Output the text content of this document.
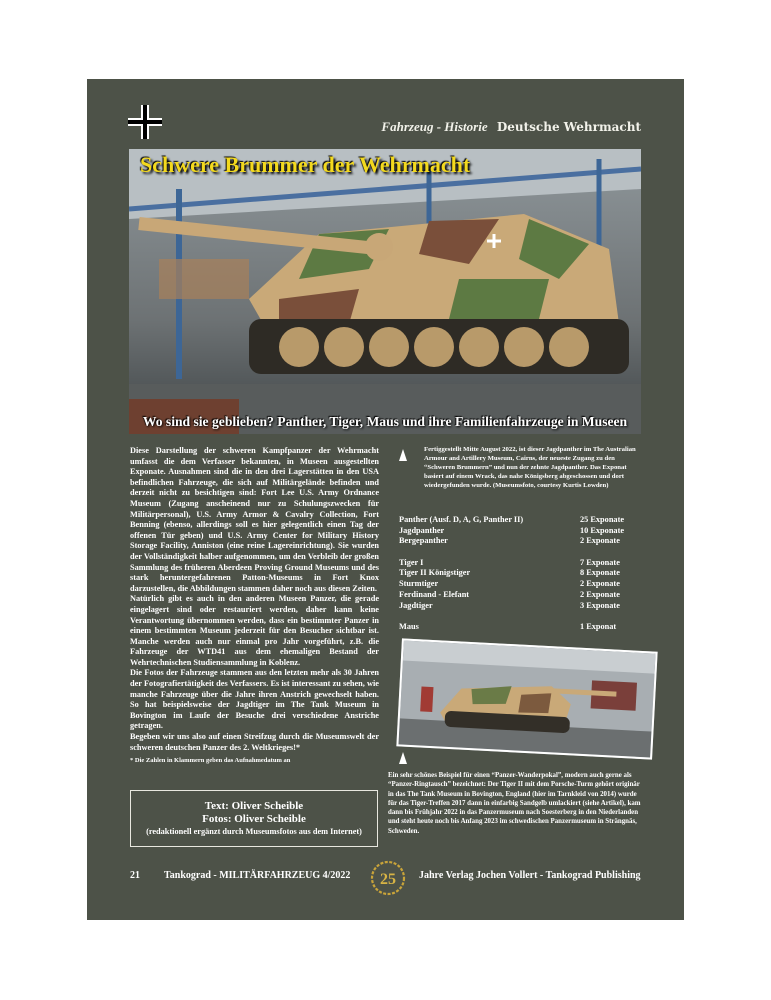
Fahrzeug - Historie Deutsche Wehrmacht
Schwere Brummer der Wehrmacht
Wo sind sie geblieben? Panther, Tiger, Maus und ihre Familienfahrzeuge in Museen

Diese Darstellung der schweren Kampfpanzer der Wehrmacht umfasst die dem Verfasser bekannten, in Museen ausgestellten Exponate. Ausnahmen sind die in den drei Lagerstätten in den USA befindlichen Fahrzeuge, die sich auf Militärgelände befinden und derzeit nicht zu besichtigen sind: Fort Lee U.S. Army Ordnance Museum (Zugang anscheinend nur zu Schulungszwecken für Militärpersonal), U.S. Army Armor & Cavalry Collection, Fort Benning (ebenso, allerdings soll es hier gelegentlich einen Tag der offenen Tür geben) und U.S. Army Center for Military History Storage Facility, Anniston (eine reine Lagereinrichtung). Sie wurden der Vollständigkeit halber aufgenommen, um den Verbleib der großen Sammlung des früheren Aberdeen Proving Ground Museums und des stark heruntergefahrenen Patton-Museums in Fort Knox darzustellen, die Abbildungen stammen daher noch aus diesen Zeiten.

Natürlich gibt es auch in den anderen Museen Panzer, die gerade eingelagert sind oder restauriert werden, daher kann keine Verantwortung übernommen werden, dass ein bestimmter Panzer in einem bestimmten Museum jederzeit für den Besucher sichtbar ist. Manche werden auch nur einmal pro Jahr vorgeführt, z.B. die Fahrzeuge der WTD41 aus dem ehemaligen Bestand der Wehrtechnischen Studiensammlung in Koblenz.

Die Fotos der Fahrzeuge stammen aus den letzten mehr als 30 Jahren der Fotografiertätigkeit des Verfassers. Es ist interessant zu sehen, wie manche Fahrzeuge über die Jahre ihren Anstrich gewechselt haben. So hat beispielsweise der Jagdtiger im The Tank Museum in Bovington im Laufe der Besuche drei verschiedene Anstriche getragen.

Begeben wir uns also auf einen Streifzug durch die Museumswelt der schweren deutschen Panzer des 2. Weltkrieges!*

* Die Zahlen in Klammern geben das Aufnahmedatum an
Text: Oliver Scheible
Fotos: Oliver Scheible
(redaktionell ergänzt durch Museumsfotos aus dem Internet)
Fertiggestellt Mitte August 2022, ist dieser Jagdpanther im The Australian Armour and Artillery Museum, Cairns, der neueste Zugang zu den “Schweren Brummern” und nun der zehnte Jagdpanther. Das Exponat basiert auf einem Wrack, das nahe Königsberg abgeschossen und dort wiedergefunden wurde. (Museumsfoto, courtesy Kurtis Lowden)
Panther (Ausf. D, A, G, Panther II)	25 Exponate
Jagdpanther	10 Exponate
Bergepanther	2 Exponate
Tiger I	7 Exponate
Tiger II Königstiger	8 Exponate
Sturmtiger	2 Exponate
Ferdinand - Elefant	2 Exponate
Jagdtiger	3 Exponate
Maus	1 Exponat
Ein sehr schönes Beispiel für einen “Panzer-Wanderpokal”, modern auch gerne als “Panzer-Ringtausch” bezeichnet: Der Tiger II mit dem Porsche-Turm gehört originär in das The Tank Museum in Bovington, England (hier im Tarnkleid von 2014) wurde für das Tiger-Treffen 2017 dann in einfarbig Sandgelb umlackiert (siehe Artikel), kam dann bis Frühjahr 2022 in das Panzermuseum nach Soesterberg in den Niederlanden und steht heute noch bis Anfang 2023 im schwedischen Panzermuseum in Strängnäs, Schweden.
21 Tankograd - MILITÄRFAHRZEUG 4/2022 25 Jahre Verlag Jochen Vollert - Tankograd Publishing
